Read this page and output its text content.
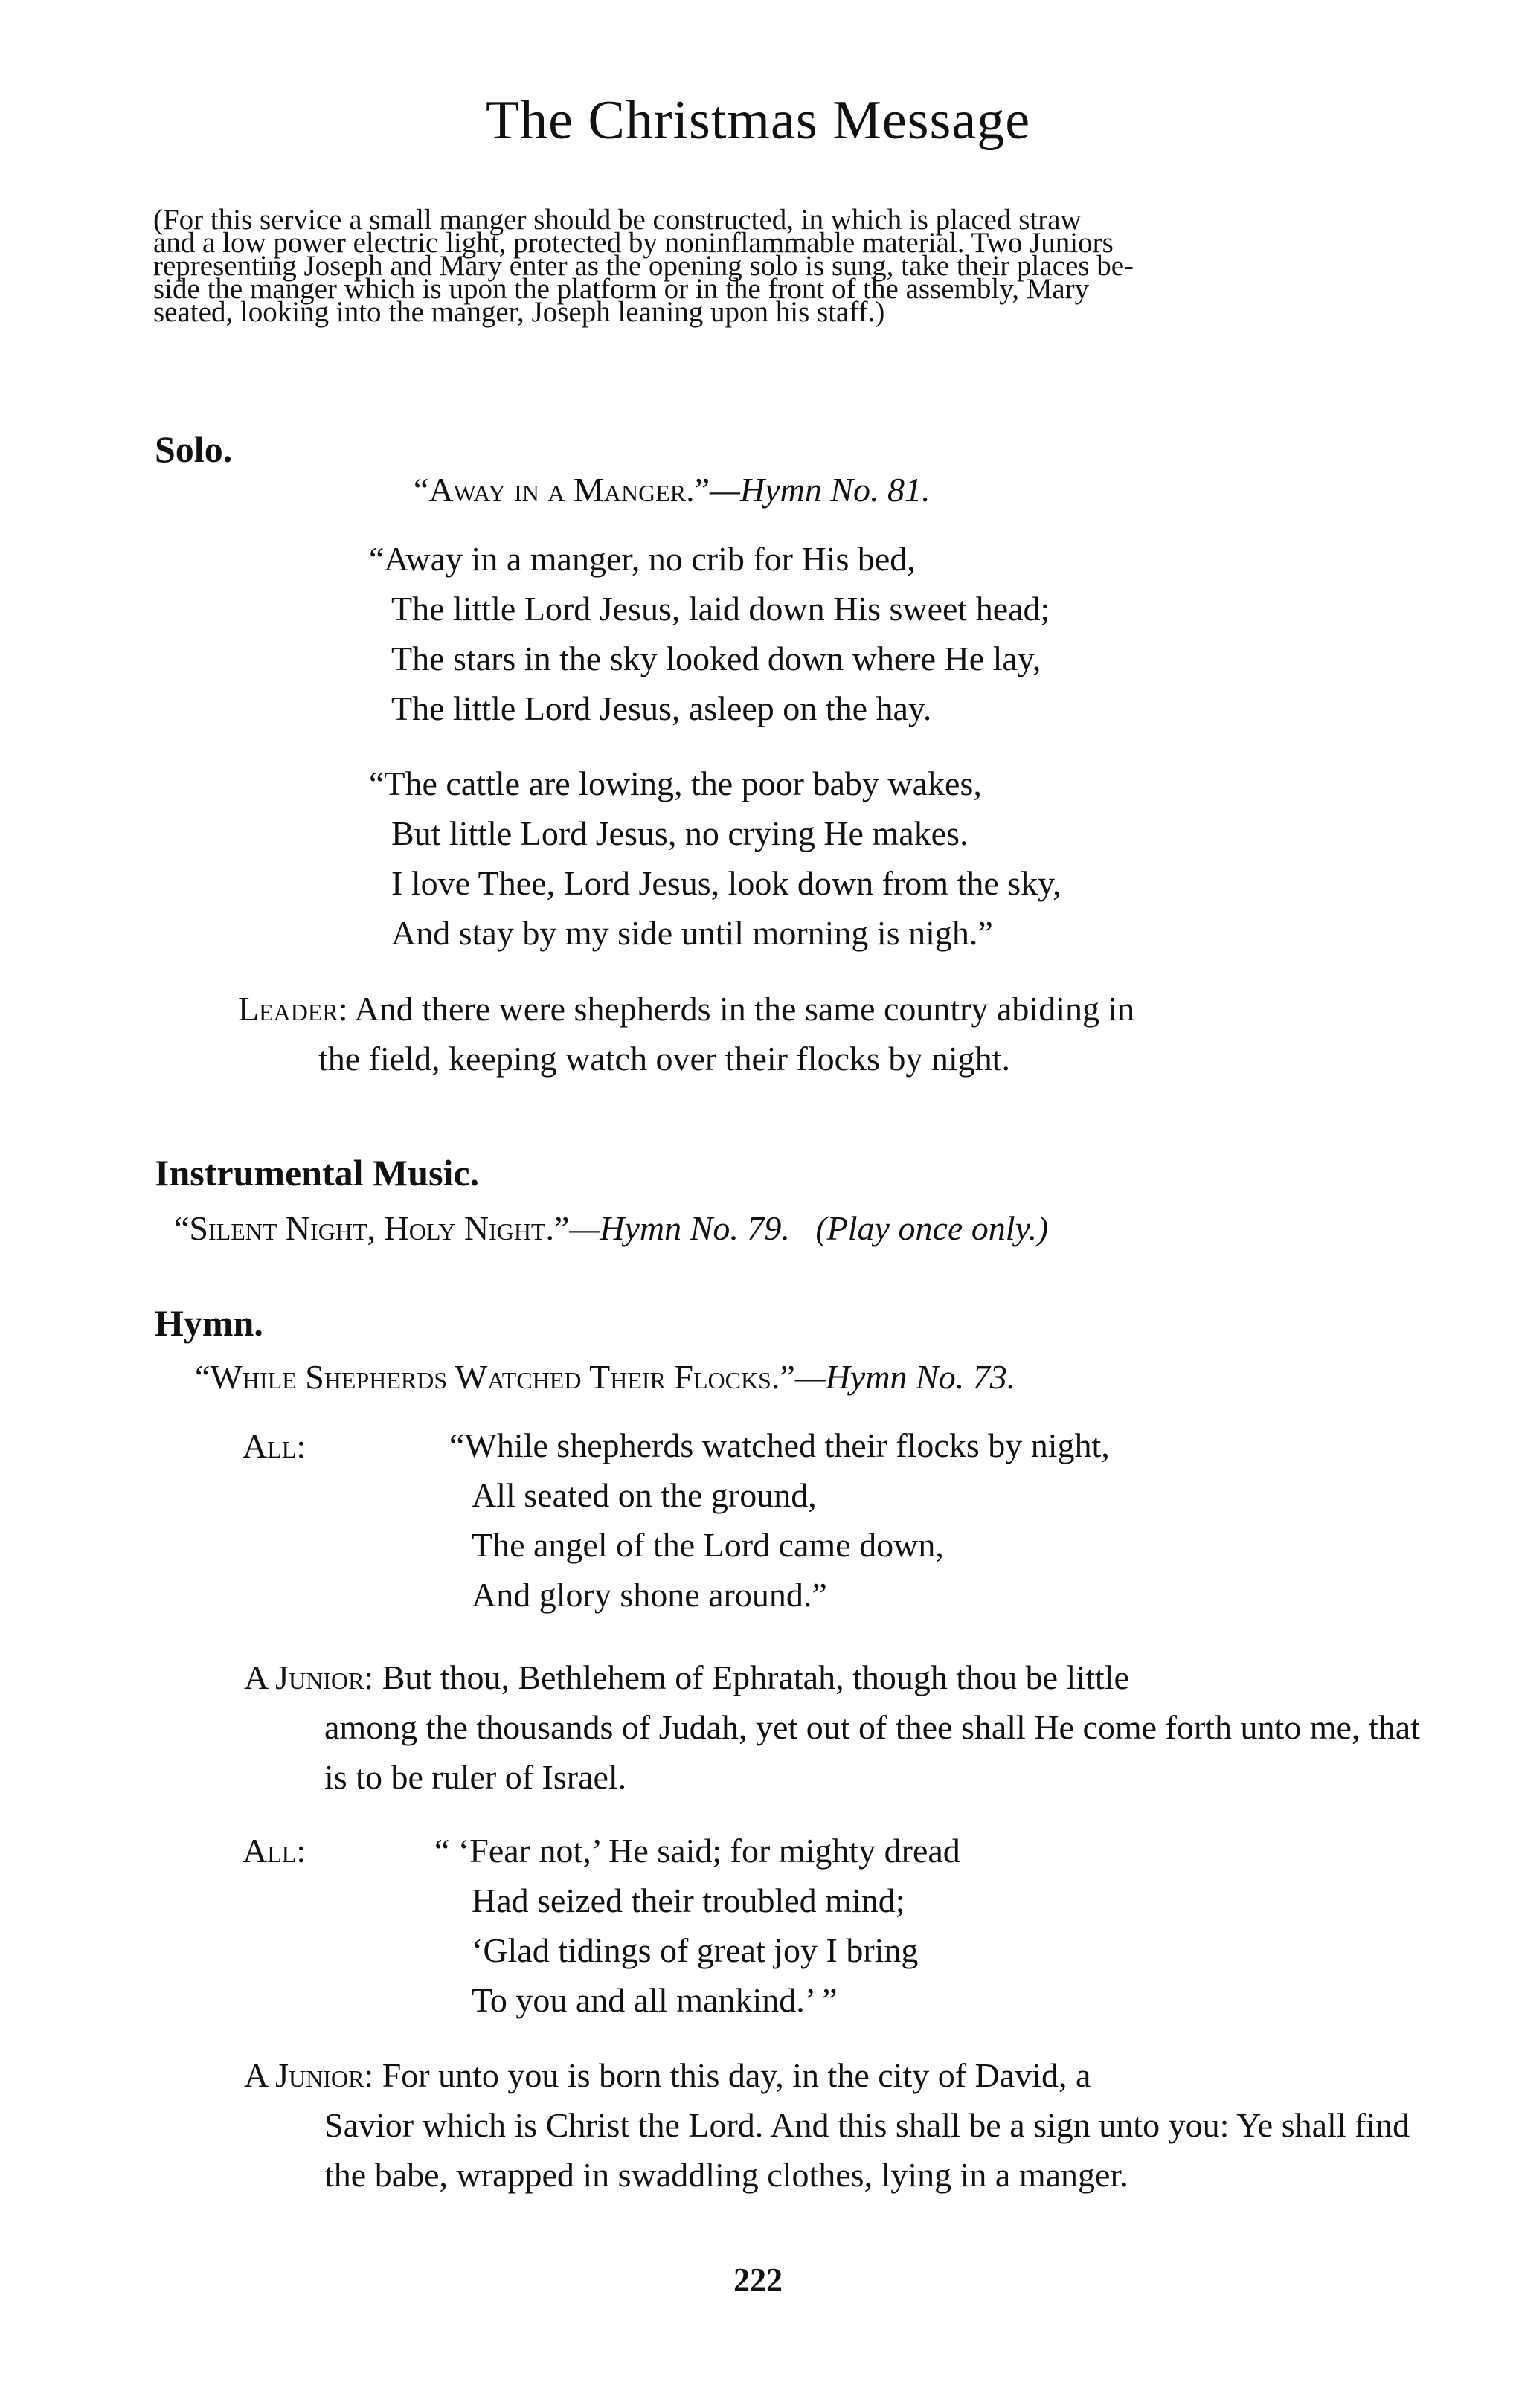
The Christmas Message

(For this service a small manger should be constructed, in which is placed straw

and a low power electric light, protected by noninflammable material. Two Juniors

representing Joseph and Mary enter as the opening solo is sung, take their places be-

side the manger which is upon the platform or in the front of the assembly, Mary

seated, looking into the manger, Joseph leaning upon his staff.)

Solo.
“Away in a Manger.”—Hymn No. 81.
“Away in a manger, no crib for His bed,
The little Lord Jesus, laid down His sweet head;
The stars in the sky looked down where He lay,
The little Lord Jesus, asleep on the hay.
“The cattle are lowing, the poor baby wakes,
But little Lord Jesus, no crying He makes.
I love Thee, Lord Jesus, look down from the sky,
And stay by my side until morning is nigh.”
Leader: And there were shepherds in the same country abiding in
the field, keeping watch over their flocks by night.
Instrumental Music.
“Silent Night, Holy Night.”—Hymn No. 79. (Play once only.)
Hymn.
“While Shepherds Watched Their Flocks.”—Hymn No. 73.
All:	“While shepherds watched their flocks by night,
All seated on the ground,
The angel of the Lord came down,
And glory shone around.”
A Junior: But thou, Bethlehem of Ephratah, though thou be little
among the thousands of Judah, yet out of thee shall He come forth unto me, that is to be ruler of Israel.
All:	“ ‘Fear not,’ He said; for mighty dread
Had seized their troubled mind;
‘Glad tidings of great joy I bring
To you and all mankind.’ ”
A Junior: For unto you is born this day, in the city of David, a
Savior which is Christ the Lord. And this shall be a sign unto you: Ye shall find the babe, wrapped in swaddling clothes, lying in a manger.
222
